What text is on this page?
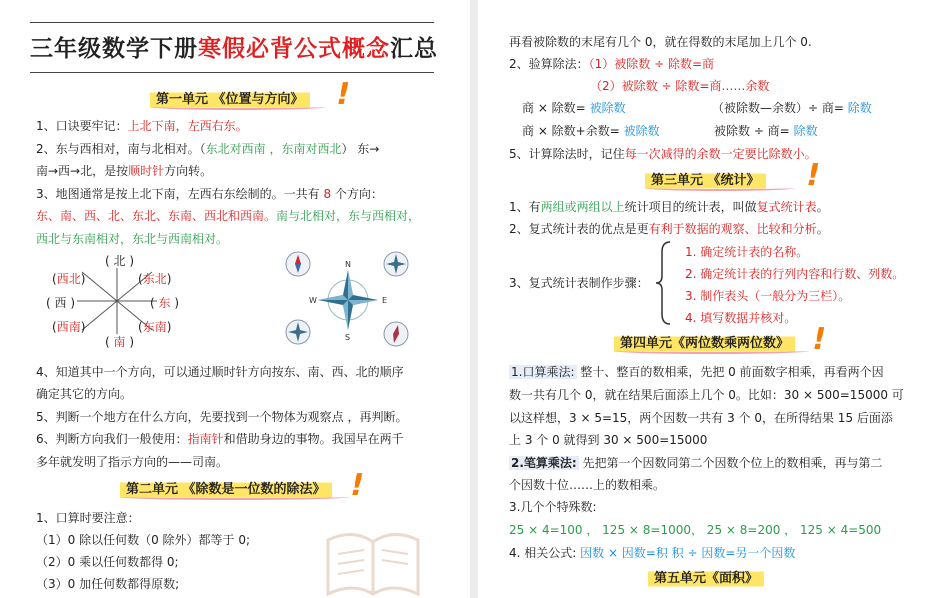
三年级数学下册寒假必背公式概念汇总
第一单元 《位置与方向》 !
1、口诀要牢记：上北下南，左西右东。
2、东与西相对，南与北相对。（东北对西南 ，东南对西北） 东→
南→西→北，是按顺时针方向转。
3、地图通常是按上北下南，左西右东绘制的。一共有 8 个方向：
东、南、西、北、东北、东南、西北和西南。南与北相对，东与西相对，
西北与东南相对，东北与西南相对。
( 北 )
(西北)	(东北)
( 西 )	( 东 )
(西南)	(东南)
( 南 )
N
S
E
W
4、知道其中一个方向，可以通过顺时针方向按东、南、西、北的顺序
确定其它的方向。
5、判断一个地方在什么方向，先要找到一个物体为观察点 ，再判断。
6、判断方向我们一般使用：指南针和借助身边的事物。我国早在两千
多年就发明了指示方向的——司南。
第二单元 《除数是一位数的除法》 !
1、口算时要注意：
（1）0 除以任何数（0 除外）都等于 0;
（2）0 乘以任何数都得 0;
（3）0 加任何数都得原数;
再看被除数的末尾有几个 0，就在得数的末尾加上几个 0.
2、验算除法：（1）被除数 ÷ 除数=商
（2）被除数 ÷ 除数=商……余数
商 × 除数= 被除数	（被除数—余数）÷ 商= 除数
商 × 除数+余数= 被除数	被除数 ÷ 商= 除数
5、计算除法时，记住每一次减得的余数一定要比除数小。
第三单元 《统计》 !
1、有两组或两组以上统计项目的统计表，叫做复式统计表。
2、复式统计表的优点是更有利于数据的观察、比较和分析。
3、复式统计表制作步骤：
1. 确定统计表的名称。
2. 确定统计表的行列内容和行数、列数。
3. 制作表头（一般分为三栏）。
4. 填写数据并核对。
第四单元《两位数乘两位数》 !
1.口算乘法: 整十、整百的数相乘，先把 0 前面数字相乘，再看两个因
数一共有几个 0，就在结果后面添上几个 0。比如：30 × 500=15000 可
以这样想，3 × 5=15，两个因数一共有 3 个 0，在所得结果 15 后面添
上 3 个 0 就得到 30 × 500=15000
2.笔算乘法: 先把第一个因数同第二个因数个位上的数相乘，再与第二
个因数十位……上的数相乘。
3.几个个特殊数:
25 × 4=100 ， 125 × 8=1000， 25 × 8=200 ， 125 × 4=500
4. 相关公式: 因数 × 因数=积 积 ÷ 因数=另一个因数
第五单元《面积》
